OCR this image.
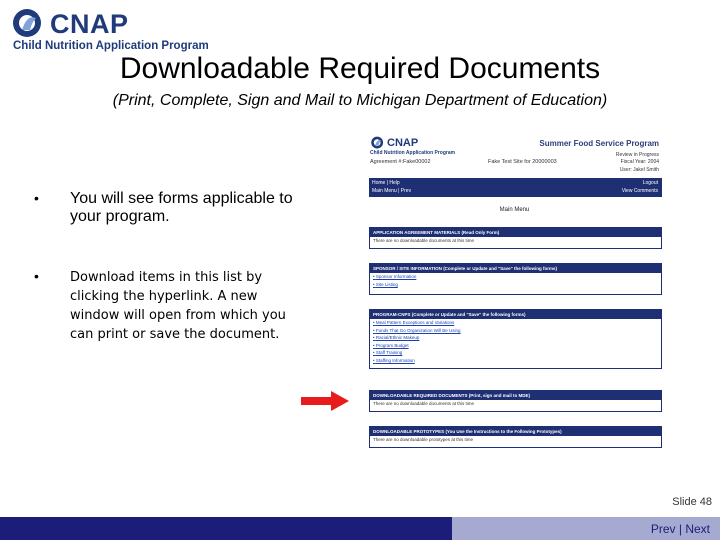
CNAP
Child Nutrition Application Program
Downloadable Required Documents
(Print, Complete, Sign and Mail to Michigan Department of Education)
• You will see forms applicable to your program.
• Download items in this list by clicking the hyperlink. A new window will open from which you can print or save the document.
CNAP
Child Nutrition Application Program
Summer Food Service Program
Review in Progress
Agreement #:Fake00002	Fake Test Site for 20000003	Fiscal Year: 2004
User: Jakel Smith
Home | Help
Main Menu | Prev
Logout
View Comments
Main Menu
APPLICATION AGREEMENT MATERIALS (Read Only Form)
There are no downloadable documents at this time
SPONSOR / SITE INFORMATION (Complete or Update and "Save" the following forms)
• Sponsor Information
• Site Listing
PROGRAM-CNPS (Complete or Update and "Save" the following forms)
• Meal Pattern Exceptions and Variations
• Funds That Go Organization Will Be Using
• Racial/Ethnic Makeup
• Program Budget
• Staff Training
• Staffing Information
DOWNLOADABLE REQUIRED DOCUMENTS (Print, sign and mail to MDE)
There are no downloadable documents at this time
DOWNLOADABLE PROTOTYPES (You Use the Instructions to the Following Prototypes)
There are no downloadable prototypes at this time
Slide 48
Prev | Next
